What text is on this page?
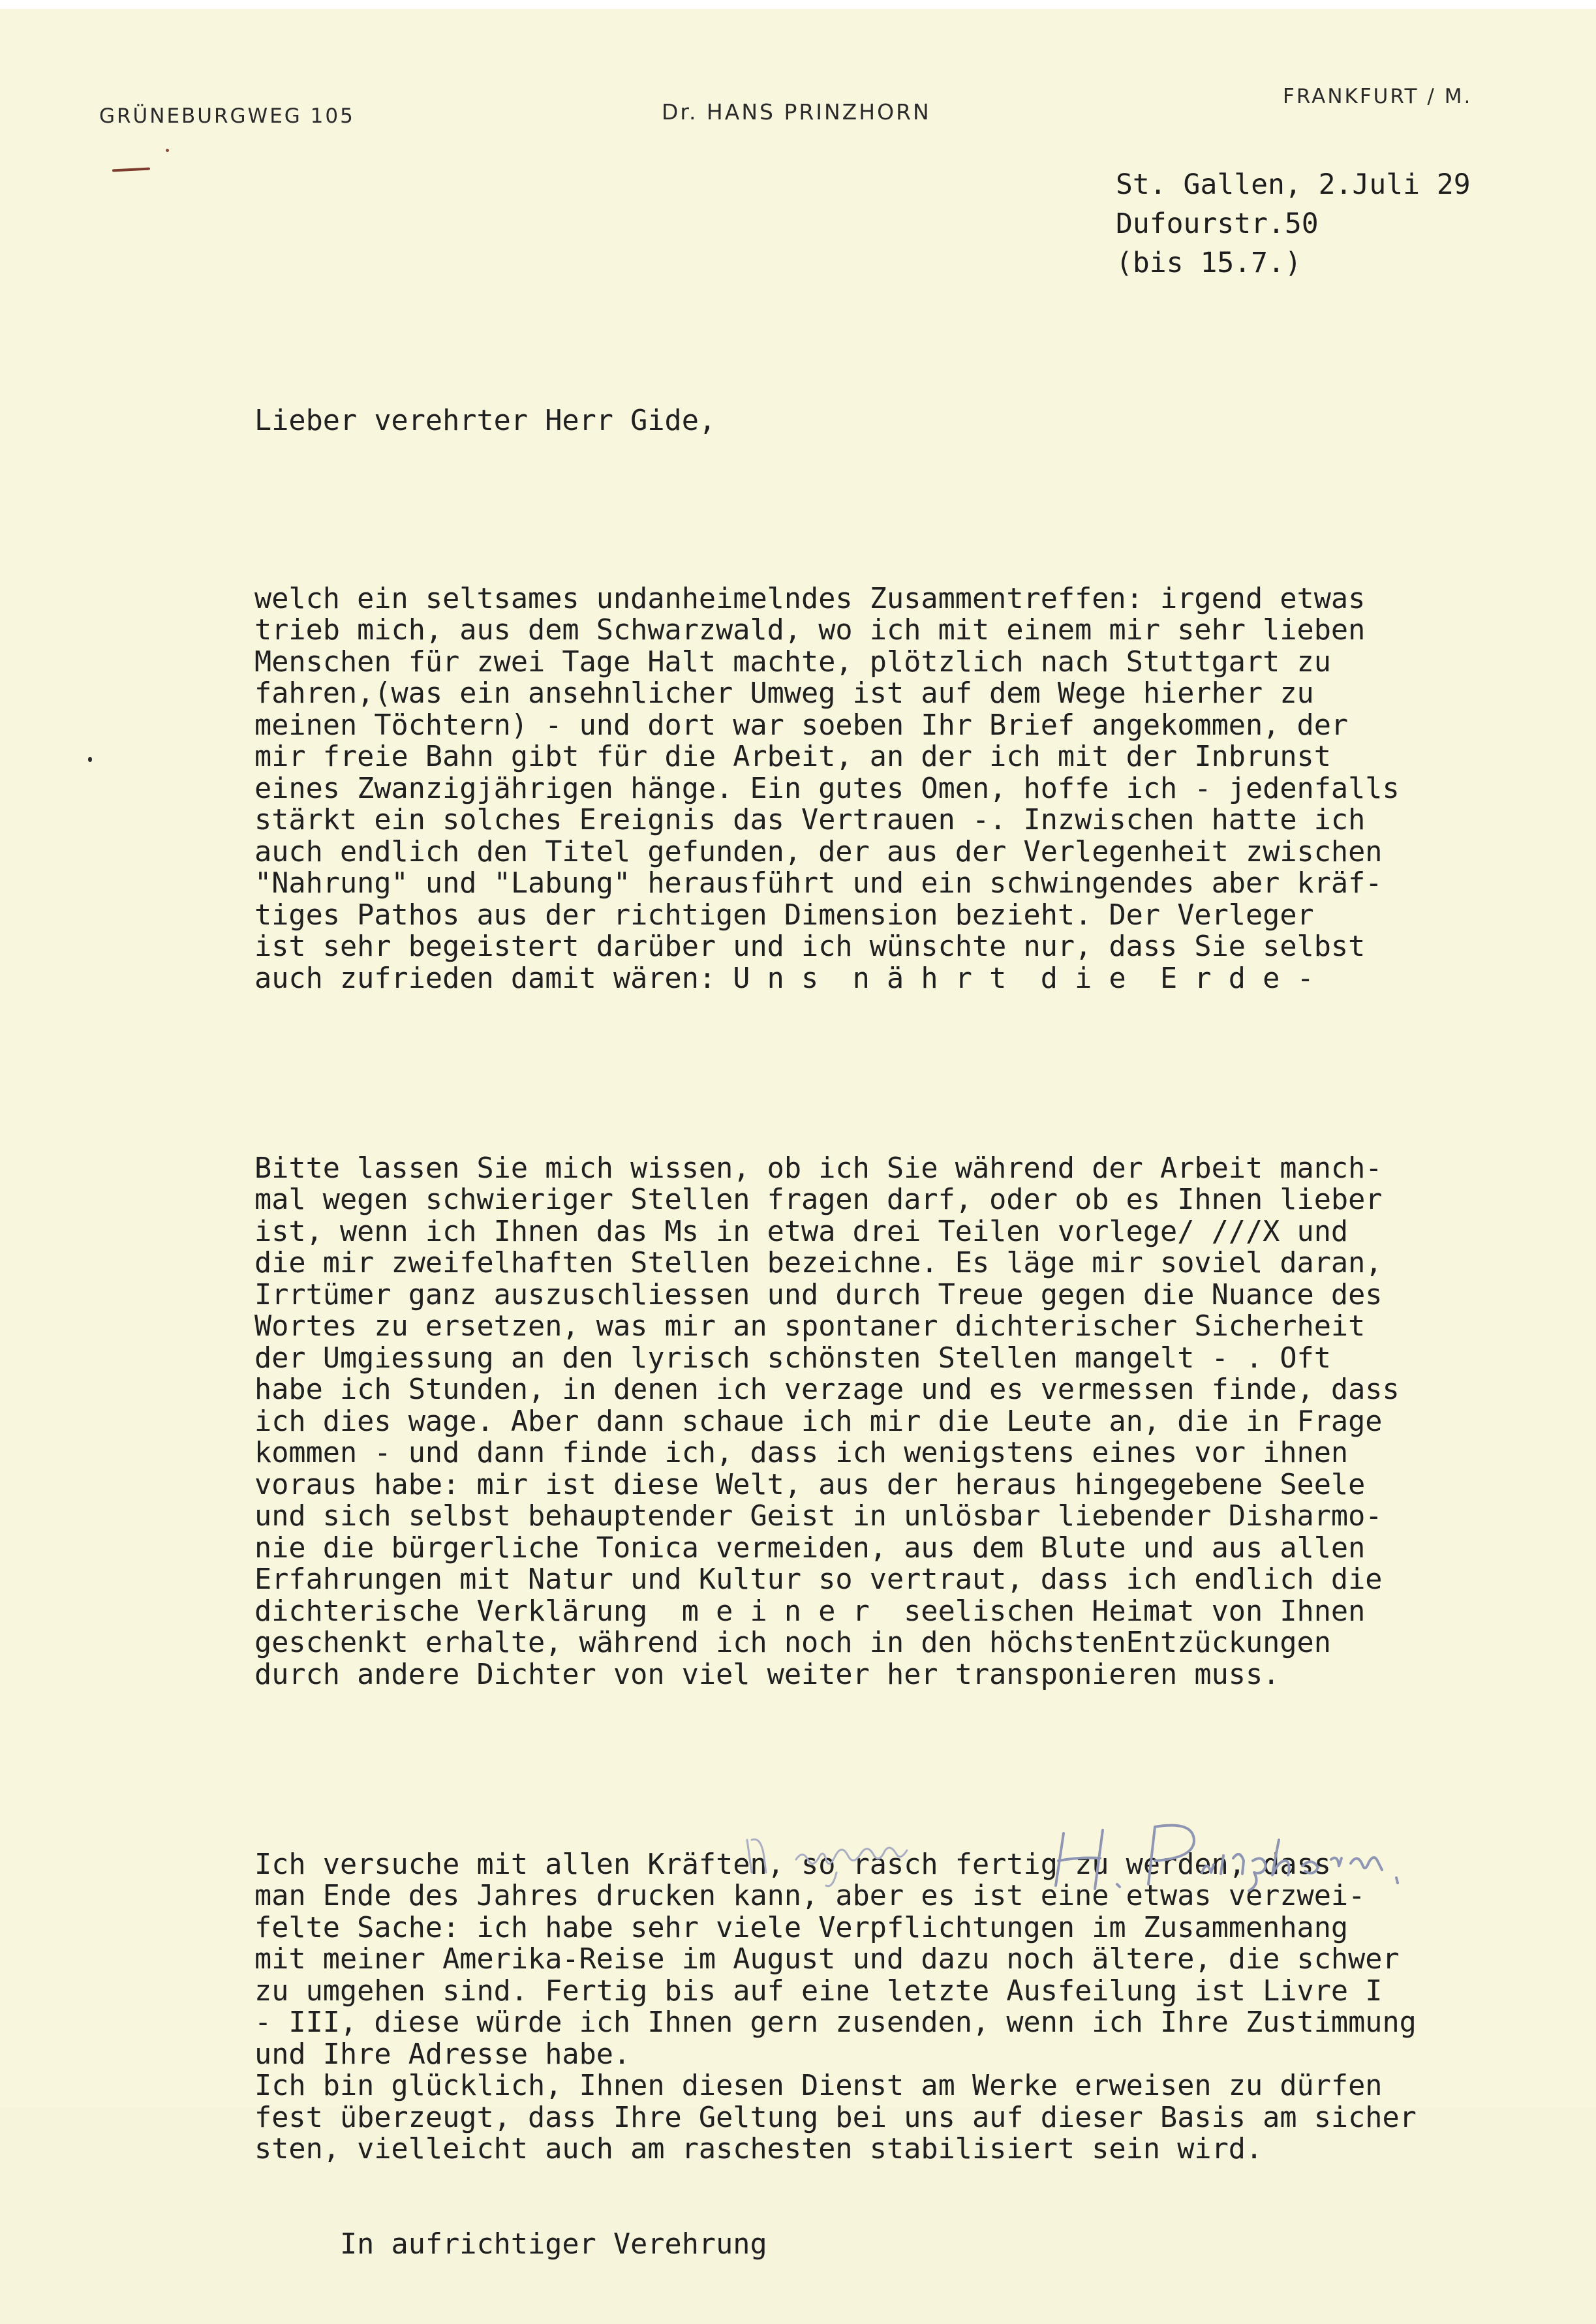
GRÜNEBURGWEG 105	Dr. HANS PRINZHORN
FRANKFURT / M.
St. Gallen, 2.Juli 29
Dufourstr.50
(bis 15.7.)

Lieber verehrter Herr Gide,

welch ein seltsames undanheimelndes Zusammentreffen: irgend etwas
trieb mich, aus dem Schwarzwald, wo ich mit einem mir sehr lieben
Menschen für zwei Tage Halt machte, plötzlich nach Stuttgart zu
fahren,(was ein ansehnlicher Umweg ist auf dem Wege hierher zu
meinen Töchtern) - und dort war soeben Ihr Brief angekommen, der
mir freie Bahn gibt für die Arbeit, an der ich mit der Inbrunst
eines Zwanzigjährigen hänge. Ein gutes Omen, hoffe ich - jedenfalls
stärkt ein solches Ereignis das Vertrauen -. Inzwischen hatte ich
auch endlich den Titel gefunden, der aus der Verlegenheit zwischen
"Nahrung" und "Labung" herausführt und ein schwingendes aber kräf-
tiges Pathos aus der richtigen Dimension bezieht. Der Verleger
ist sehr begeistert darüber und ich wünschte nur, dass Sie selbst
auch zufrieden damit wären: U n s  n ä h r t  d i e  E r d e -

Bitte lassen Sie mich wissen, ob ich Sie während der Arbeit manch-
mal wegen schwieriger Stellen fragen darf, oder ob es Ihnen lieber
ist, wenn ich Ihnen das Ms in etwa drei Teilen vorlege/ ///X und
die mir zweifelhaften Stellen bezeichne. Es läge mir soviel daran,
Irrtümer ganz auszuschliessen und durch Treue gegen die Nuance des
Wortes zu ersetzen, was mir an spontaner dichterischer Sicherheit
der Umgiessung an den lyrisch schönsten Stellen mangelt - . Oft
habe ich Stunden, in denen ich verzage und es vermessen finde, dass
ich dies wage. Aber dann schaue ich mir die Leute an, die in Frage
kommen - und dann finde ich, dass ich wenigstens eines vor ihnen
voraus habe: mir ist diese Welt, aus der heraus hingegebene Seele
und sich selbst behauptender Geist in unlösbar liebender Disharmo-
nie die bürgerliche Tonica vermeiden, aus dem Blute und aus allen
Erfahrungen mit Natur und Kultur so vertraut, dass ich endlich die
dichterische Verklärung  m e i n e r  seelischen Heimat von Ihnen
geschenkt erhalte, während ich noch in den höchstenEntzückungen
durch andere Dichter von viel weiter her transponieren muss.

Ich versuche mit allen Kräften, so rasch fertig zu werden, dass
man Ende des Jahres drucken kann, aber es ist eine etwas verzwei-
felte Sache: ich habe sehr viele Verpflichtungen im Zusammenhang
mit meiner Amerika-Reise im August und dazu noch ältere, die schwer
zu umgehen sind. Fertig bis auf eine letzte Ausfeilung ist Livre I
- III, diese würde ich Ihnen gern zusenden, wenn ich Ihre Zustimmung
und Ihre Adresse habe.
Ich bin glücklich, Ihnen diesen Dienst am Werke erweisen zu dürfen
fest überzeugt, dass Ihre Geltung bei uns auf dieser Basis am sicher
sten, vielleicht auch am raschesten stabilisiert sein wird.

In aufrichtiger Verehrung
